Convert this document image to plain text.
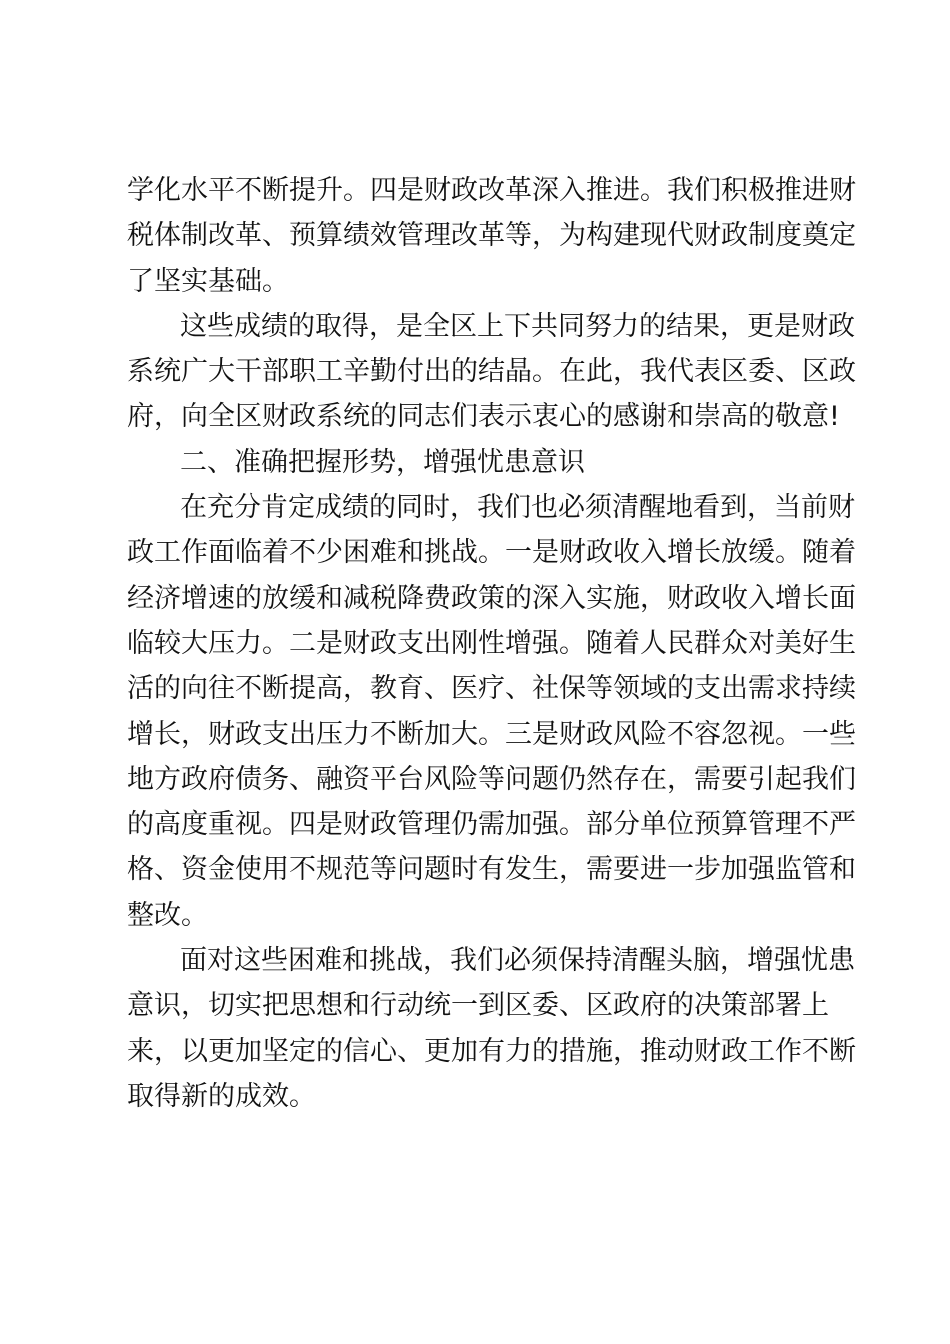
学化水平不断提升。四是财政改革深入推进。我们积极推进财
税体制改革、预算绩效管理改革等，为构建现代财政制度奠定
了坚实基础。
这些成绩的取得，是全区上下共同努力的结果，更是财政
系统广大干部职工辛勤付出的结晶。在此，我代表区委、区政
府，向全区财政系统的同志们表示衷心的感谢和崇高的敬意!
二、准确把握形势，增强忧患意识
在充分肯定成绩的同时，我们也必须清醒地看到，当前财
政工作面临着不少困难和挑战。一是财政收入增长放缓。随着
经济增速的放缓和减税降费政策的深入实施，财政收入增长面
临较大压力。二是财政支出刚性增强。随着人民群众对美好生
活的向往不断提高，教育、医疗、社保等领域的支出需求持续
增长，财政支出压力不断加大。三是财政风险不容忽视。一些
地方政府债务、融资平台风险等问题仍然存在，需要引起我们
的高度重视。四是财政管理仍需加强。部分单位预算管理不严
格、资金使用不规范等问题时有发生，需要进一步加强监管和
整改。
面对这些困难和挑战，我们必须保持清醒头脑，增强忧患
意识，切实把思想和行动统一到区委、区政府的决策部署上
来，以更加坚定的信心、更加有力的措施，推动财政工作不断
取得新的成效。
